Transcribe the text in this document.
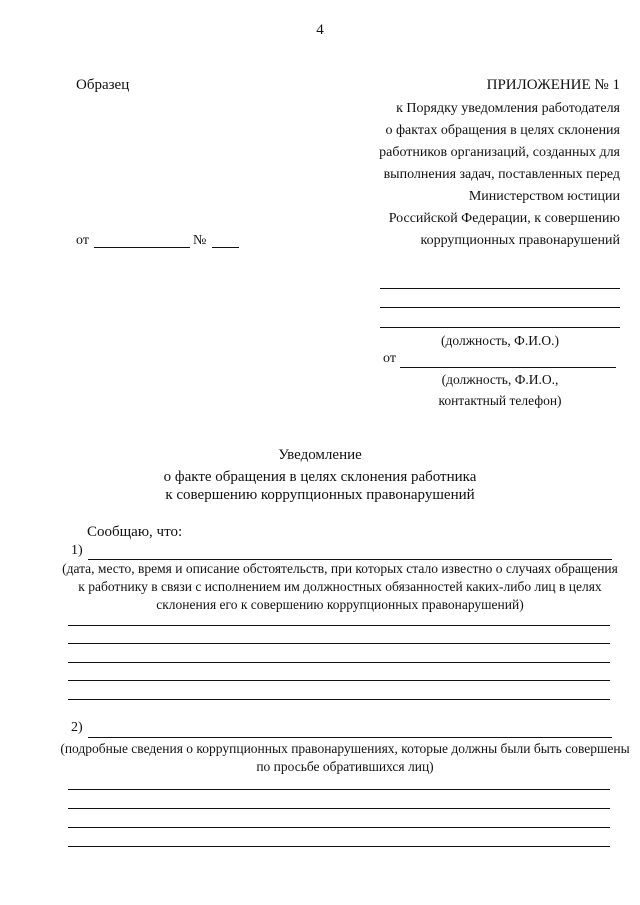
4
Образец	ПРИЛОЖЕНИЕ № 1
к Порядку уведомления работодателя
о фактах обращения в целях склонения
работников организаций, созданных для
выполнения задач, поставленных перед
Министерством юстиции
Российской Федерации, к совершению
коррупционных правонарушений
от	№
(должность, Ф.И.О.)
от
(должность, Ф.И.О.,
контактный телефон)
Уведомление
о факте обращения в целях склонения работника
к совершению коррупционных правонарушений
Сообщаю, что:
1)
(дата, место, время и описание обстоятельств, при которых стало известно о случаях обращения
к работнику в связи с исполнением им должностных обязанностей каких-либо лиц в целях
склонения его к совершению коррупционных правонарушений)
2)
(подробные сведения о коррупционных правонарушениях, которые должны были быть совершены
по просьбе обратившихся лиц)
